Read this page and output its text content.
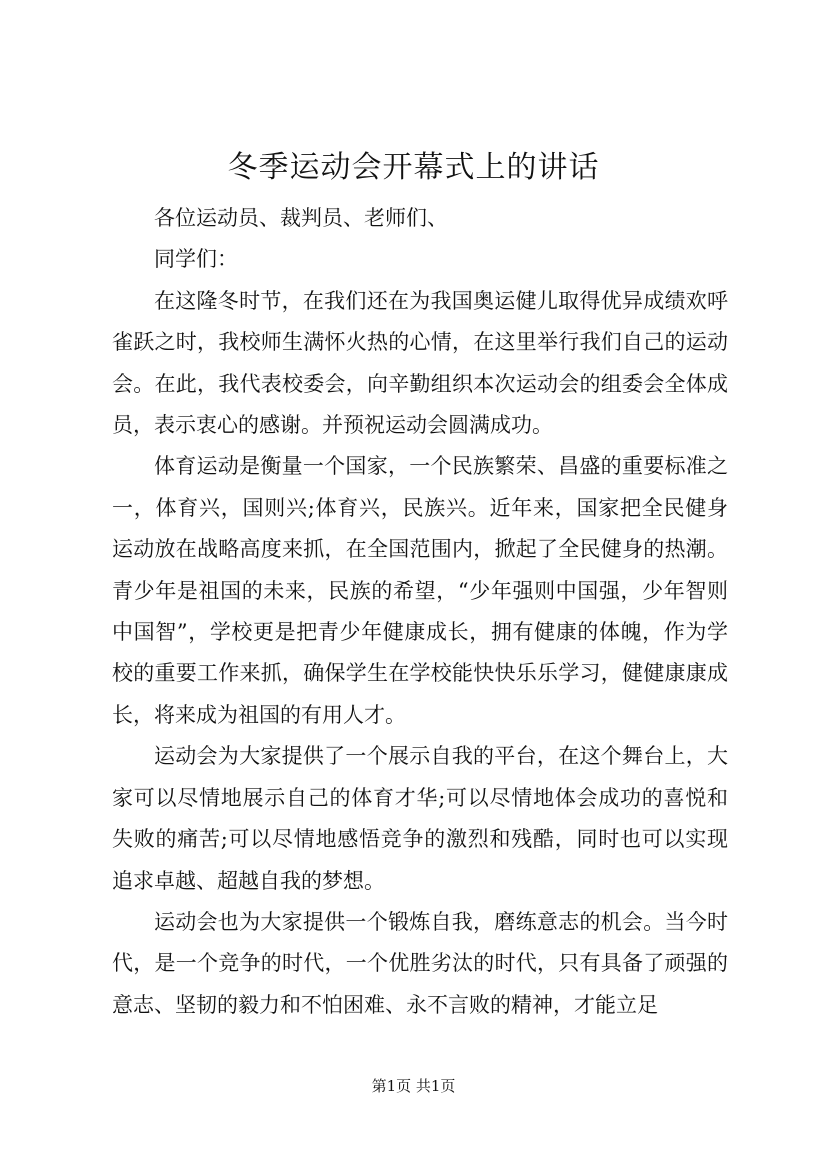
冬季运动会开幕式上的讲话

各位运动员、裁判员、老师们、

同学们：

在这隆冬时节，在我们还在为我国奥运健儿取得优异成绩欢呼雀跃之时，我校师生满怀火热的心情，在这里举行我们自己的运动会。在此，我代表校委会，向辛勤组织本次运动会的组委会全体成员，表示衷心的感谢。并预祝运动会圆满成功。

体育运动是衡量一个国家，一个民族繁荣、昌盛的重要标准之一，体育兴，国则兴;体育兴，民族兴。近年来，国家把全民健身运动放在战略高度来抓，在全国范围内，掀起了全民健身的热潮。青少年是祖国的未来，民族的希望，“少年强则中国强，少年智则中国智”，学校更是把青少年健康成长，拥有健康的体魄，作为学校的重要工作来抓，确保学生在学校能快快乐乐学习，健健康康成长，将来成为祖国的有用人才。

运动会为大家提供了一个展示自我的平台，在这个舞台上，大家可以尽情地展示自己的体育才华;可以尽情地体会成功的喜悦和失败的痛苦;可以尽情地感悟竞争的激烈和残酷，同时也可以实现追求卓越、超越自我的梦想。

运动会也为大家提供一个锻炼自我，磨练意志的机会。当今时代，是一个竞争的时代，一个优胜劣汰的时代，只有具备了顽强的意志、坚韧的毅力和不怕困难、永不言败的精神，才能立足

第1页 共1页
